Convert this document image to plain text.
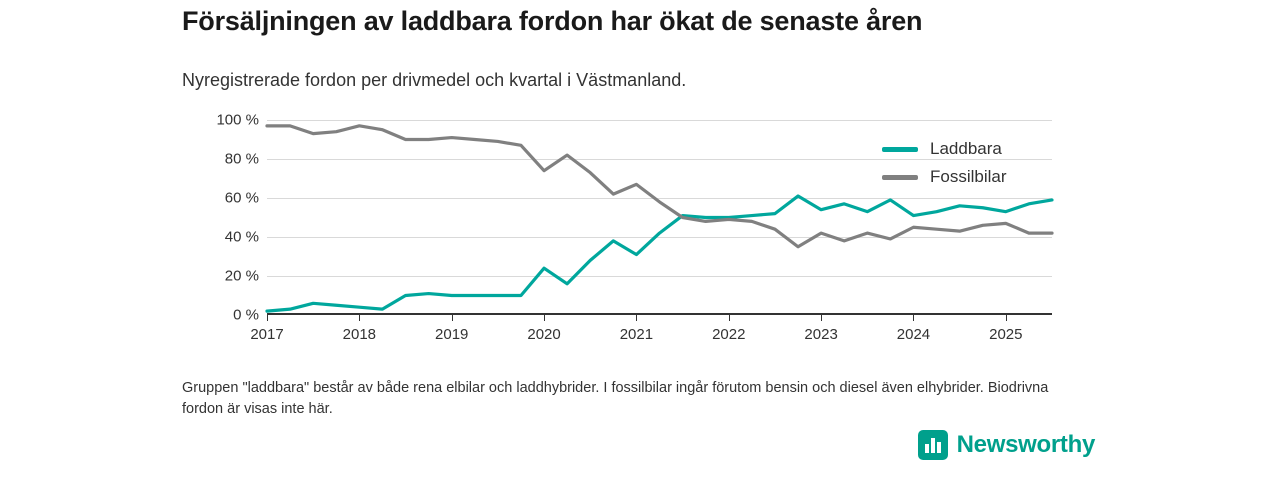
Försäljningen av laddbara fordon har ökat de senaste åren
Nyregistrerade fordon per drivmedel och kvartal i Västmanland.
0 %
20 %
40 %
60 %
80 %
100 %
2017	2018	2019	2020	2021	2022	2023	2024	2025
Laddbara
Fossilbilar
Gruppen "laddbara" består av både rena elbilar och laddhybrider. I fossilbilar ingår förutom bensin och diesel även elhybrider. Biodrivna fordon är visas inte här.
Newsworthy
